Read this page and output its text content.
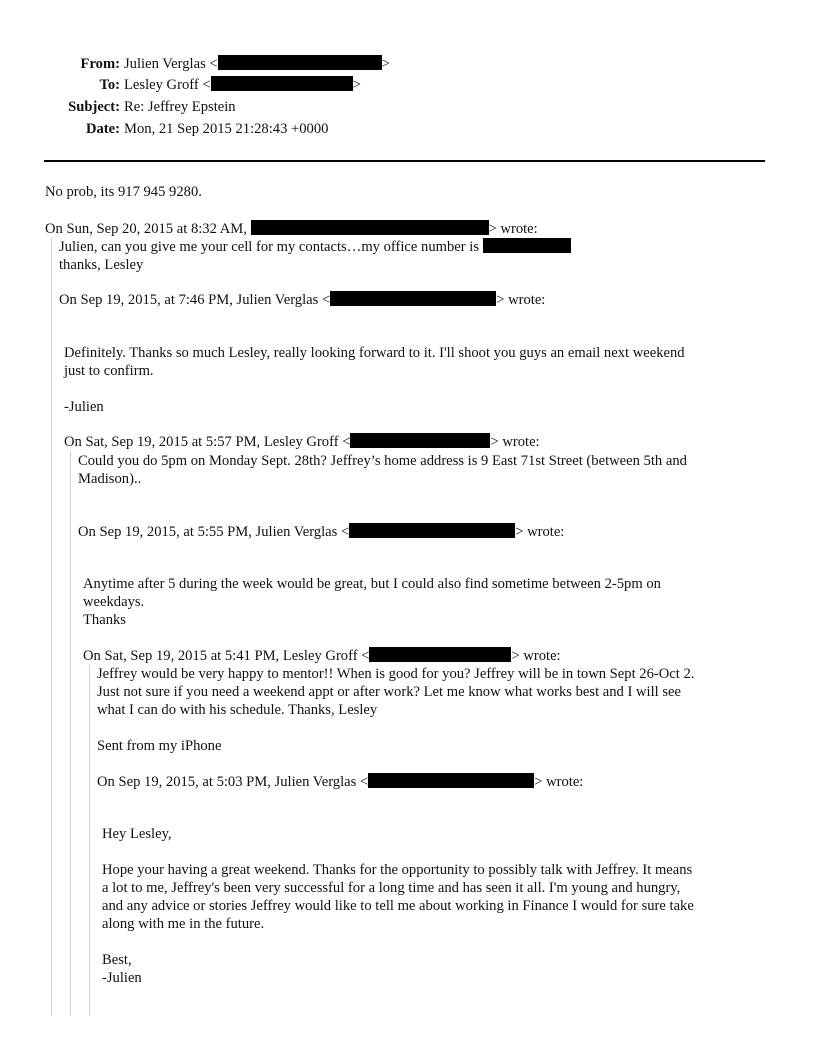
From: Julien Verglas <	>
To: Lesley Groff <	>
Subject: Re: Jeffrey Epstein
Date: Mon, 21 Sep 2015 21:28:43 +0000

No prob, its 917 945 9280.

On Sun, Sep 20, 2015 at 8:32 AM,	> wrote:

Julien, can you give me your cell for my contacts…my office number is

thanks, Lesley

On Sep 19, 2015, at 7:46 PM, Julien Verglas <	> wrote:

Definitely. Thanks so much Lesley, really looking forward to it. I'll shoot you guys an email next weekend

just to confirm.

-Julien

On Sat, Sep 19, 2015 at 5:57 PM, Lesley Groff <	> wrote:

Could you do 5pm on Monday Sept. 28th? Jeffrey’s home address is 9 East 71st Street (between 5th and

Madison)..

On Sep 19, 2015, at 5:55 PM, Julien Verglas <	> wrote:

Anytime after 5 during the week would be great, but I could also find sometime between 2-5pm on

weekdays.

Thanks

On Sat, Sep 19, 2015 at 5:41 PM, Lesley Groff <	> wrote:

Jeffrey would be very happy to mentor!! When is good for you? Jeffrey will be in town Sept 26-Oct 2.

Just not sure if you need a weekend appt or after work? Let me know what works best and I will see

what I can do with his schedule. Thanks, Lesley

Sent from my iPhone

On Sep 19, 2015, at 5:03 PM, Julien Verglas <	> wrote:

Hey Lesley,

Hope your having a great weekend. Thanks for the opportunity to possibly talk with Jeffrey. It means

a lot to me, Jeffrey's been very successful for a long time and has seen it all. I'm young and hungry,

and any advice or stories Jeffrey would like to tell me about working in Finance I would for sure take

along with me in the future.

Best,

-Julien
